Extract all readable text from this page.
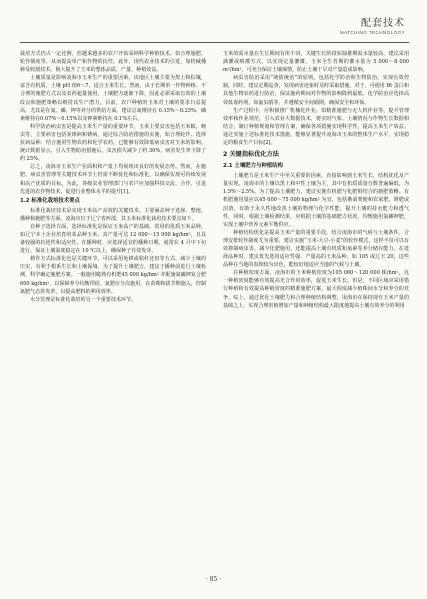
配套技术
MATCHING TECHNOLOGY

栽培方式仍占一定比例，但越来越多的农户开始采纳科学种植技术，如合理施肥、轮作制度等，从而提高单产和作物的抗性。此外，现代农业技术的引进，如机械播种及收割技术，极大提升了玉米的整体品质、产量、种植效益。

土壤质量是影响凌海市玉米生产的重要因素。该地区土壤主要为黑土和棕壤，富含有机质，土壤 pH 值6～7，适合玉米生长。然而，由于长期单一作物种植、不合理的施肥方式以及农药超量使用，土壤肥力逐渐下降，因此必须采取有效的土壤改良和施肥策略以维持其生产潜力。目前，农户种植的玉米对土壤的要求日益提高，尤其是在氮、磷、钾等养分的供给方面。建议总氮维持在 0.15%～0.25%、磷素维持在0.07%～0.15%以及钾素维持在 0.1%左右。

科学防治病虫害是提高玉米生产量的重要环节。玉米主要虫害包括玉米螟、蚜虫等，主要病害包括灰斑病和锈病，通过综合防治措施的实施，如合理轮作、选择抗病品种、结合施用生物农药和化学农药，已能够有效降低病虫害对玉米的影响。统计数据显示，引入生物防治措施后，虫害损失减少了约 30%，病害发生率下降了约 25%。

总之，凌海市玉米生产在面积和产量上均展现出良好的发展态势。然而，在施肥、病虫害管理等关键技术环节上仍需不断优化和标准化，以确保实现可持续发展和高产优质的目标。为此，各级农业管理部门与农户应加强科技交流、合作，引进先进的农作物技术，促进行业整体水平的提升[1]。

1.2 标准化栽培技术要点

标准化栽培技术是实现玉米高产高效的关键技术，主要涵盖种子选择、整地、播种和施肥等方面。凌海市位于辽宁省西部，其玉米标准化栽培技术要点如下。

在种子选择方面，选择标准化是保证玉米高产的基础。常用的优质玉米品种，如辽宁本土企业培育的某品种玉米，其产量可达 12 000～15 000 kg/hm²，且具备较强的抗逆性和适应性。在播种时，应选择适宜的播种日期，通常在 4 月中下旬进行，保证土壤温度稳定在 10 ℃以上，确保种子有效发芽。

耕作方式标准化也是关键环节。可以采用免耕或秸秆还田等方式，减少土壤的压实，有利于根系生长和土壤保墒。为了提升土壤肥力，建议于播种前进行土壤检测，科学确定施肥方案。一般施用腐熟有机肥45 000 kg/hm² 并配施氮磷钾复合肥 600 kg/hm²，以保障养分均衡供给。氮肥应分次施用，在苗期和拔节期施入，控制氮肥气态挥发率，以提高肥料的利用效率。

水分管理是标准化栽培的另一个重要技术环节。

玉米的需水量在生长期间有所不同，关键生长阶段如抽雄期需水量较高，建议采用滴灌或喷灌方式，以实现定量灌溉，玉米全生育期的灌水量为 5 000～8 000 m³/hm²，可充分保证土壤墒情，防止土壤干旱对产量造成影响。

病虫害防治采用“统防统治”的原则，包括化学防治和生物防治，实现有效控制。同时，建议定期巡查，发现病害迹象时及时采取措施。对于，可使用 Bt 蛋白和其他生物农药进行防治，保证施药期间对作物的影响降到最低。化学防治应选择高效低毒药剂，如氟虫腈等，并遵循安全间隔期，确保安全和环保。

生产过程中，应积极推广机械化作业，如精准施肥与无人机作业等，提升管理效率和作业规范。引入农业大数据技术，将实时气象、土壤情况与作物生长数据相结合，制订种植规划和管理方案，确保各项措施实现科学性，提高玉米生产效益。通过实施上述标准化技术措施，能够显著提升凌海市玉米的整体生产水平，实现稳定的粮食生产目标[2]。

2 关键指标优化方法
2.1 土壤肥力与种植结构

土壤肥力是玉米生产中至关重要的因素，直接影响到玉米生长、结构优化及产量实现。凌海市的土壤以黑土和中性土壤为主，其中有机质质量分数普遍偏低，为 1.5%～2.5%。为了提高土壤肥力，建议实施有机肥与化肥相结合的施肥策略。有机肥施用量应以45 000～75 000 kg/hm² 为宜，包括畜禽粪便和农家肥、堆肥或沼渣，有助于永久性地改善土壤的物理与化学性能，提升土壤的持水能力和透气性，同时，根据土壤检测结果，应根据土壤的基础肥力状况，均衡施用氮磷钾肥，实现土壤中营养元素平衡供应。

种植结构优化是提高玉米产量的重要手段。结合凌海市的气候与土壤条件，合理安排轮作制度尤为重要，建议实施“玉米-大豆-小麦”的轮作模式，这样不仅可以有效抑制病虫害、减少化肥施用，还能提高土壤有机质和氮素等养分储存能力。在选择品种时，建议优先选用适应性强、产量高的玉米品种，如 105 或辽玉 20，这些品种在当地的表现较为出色，能较好地适应当地的气候与土壤。

在种植密度方面，凌海市的玉米种植密度为105 000～120 000 株/hm²，这一种植密度能够有效提高光合作用效率，促进玉米生长。但是，不同区域应采用错行种植和有效提高种植密度的精准施肥方案，最大程度减少植株间水分和养分的竞争。综上，通过优化土壤肥力和合理种植结构调整，凌海市在保持现有玉米产量的基础之上，实现合理密植增加产量和种植结构最大限度地提高土壤有效养分的利用

· 85 ·
